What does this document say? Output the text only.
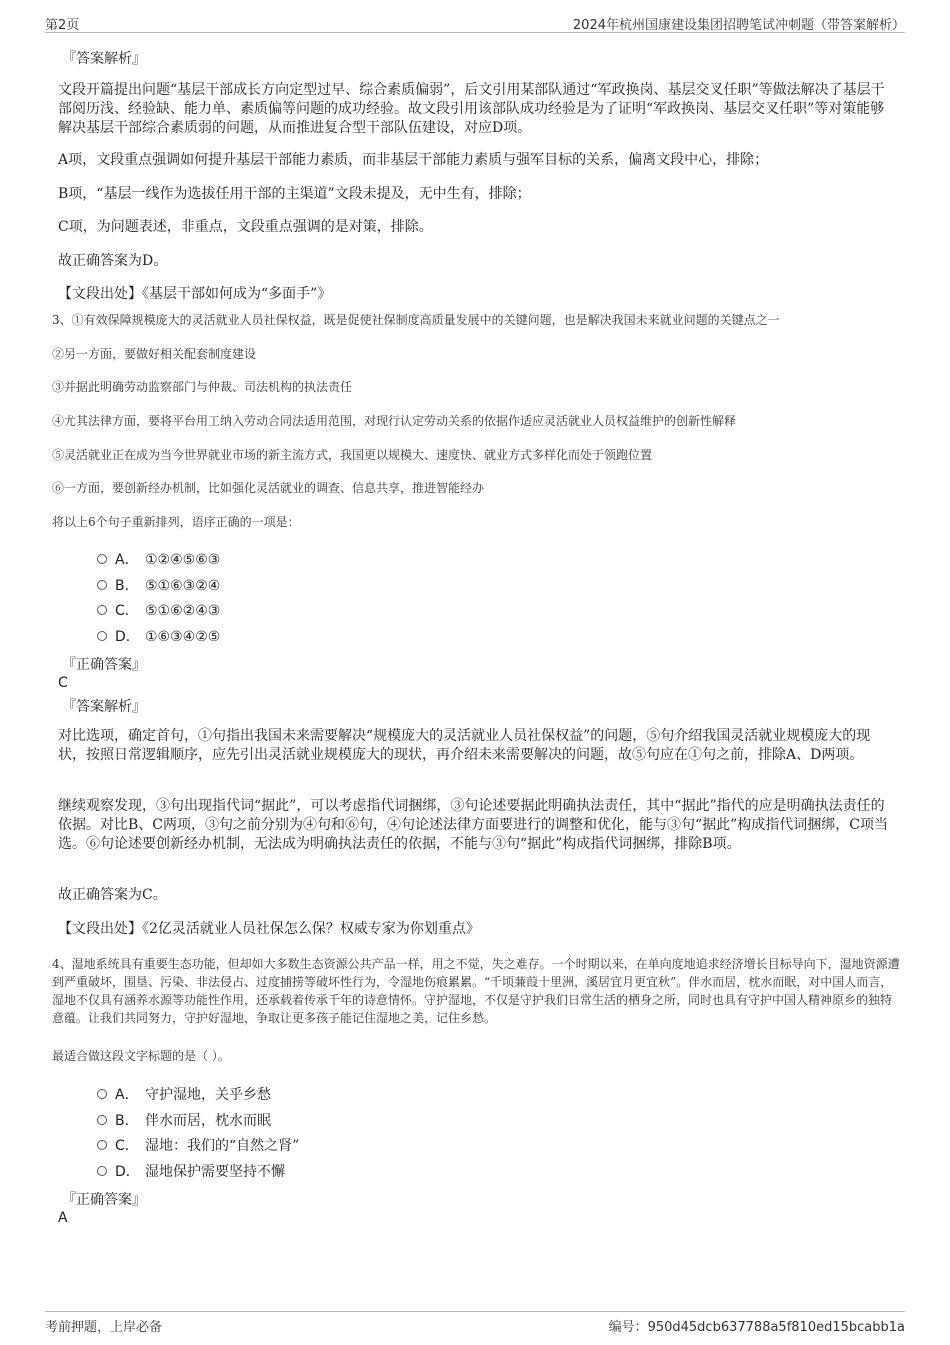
第2页	2024年杭州国康建设集团招聘笔试冲刺题（带答案解析）
『答案解析』
文段开篇提出问题“基层干部成长方向定型过早、综合素质偏弱”，后文引用某部队通过“军政换岗、基层交叉任职”等做法解决了基层干部阅历浅、经验缺、能力单、素质偏等问题的成功经验。故文段引用该部队成功经验是为了证明“军政换岗、基层交叉任职”等对策能够解决基层干部综合素质弱的问题，从而推进复合型干部队伍建设，对应D项。
A项，文段重点强调如何提升基层干部能力素质，而非基层干部能力素质与强军目标的关系，偏离文段中心，排除；
B项，“基层一线作为选拔任用干部的主渠道”文段未提及，无中生有，排除；
C项，为问题表述，非重点，文段重点强调的是对策，排除。
故正确答案为D。
【文段出处】《基层干部如何成为“多面手”》
3、①有效保障规模庞大的灵活就业人员社保权益，既是促使社保制度高质量发展中的关键问题，也是解决我国未来就业问题的关键点之一
②另一方面，要做好相关配套制度建设
③并据此明确劳动监察部门与仲裁、司法机构的执法责任
④尤其法律方面，要将平台用工纳入劳动合同法适用范围，对现行认定劳动关系的依据作适应灵活就业人员权益维护的创新性解释
⑤灵活就业正在成为当今世界就业市场的新主流方式，我国更以规模大、速度快、就业方式多样化而处于领跑位置
⑥一方面，要创新经办机制，比如强化灵活就业的调查、信息共享，推进智能经办
将以上6个句子重新排列，语序正确的一项是：
A． ①②④⑤⑥③
B． ⑤①⑥③②④
C． ⑤①⑥②④③
D． ①⑥③④②⑤
『正确答案』
C
『答案解析』
对比选项，确定首句，①句指出我国未来需要解决“规模庞大的灵活就业人员社保权益”的问题，⑤句介绍我国灵活就业规模庞大的现状，按照日常逻辑顺序，应先引出灵活就业规模庞大的现状，再介绍未来需要解决的问题，故⑤句应在①句之前，排除A、D两项。
继续观察发现，③句出现指代词“据此”，可以考虑指代词捆绑，③句论述要据此明确执法责任，其中“据此”指代的应是明确执法责任的依据。对比B、C两项，③句之前分别为④句和⑥句，④句论述法律方面要进行的调整和优化，能与③句“据此”构成指代词捆绑，C项当选。⑥句论述要创新经办机制，无法成为明确执法责任的依据，不能与③句“据此”构成指代词捆绑，排除B项。
故正确答案为C。
【文段出处】《2亿灵活就业人员社保怎么保？权威专家为你划重点》
4、湿地系统具有重要生态功能，但却如大多数生态资源公共产品一样，用之不觉，失之难存。一个时期以来，在单向度地追求经济增长目标导向下，湿地资源遭到严重破坏，围垦、污染、非法侵占、过度捕捞等破坏性行为，令湿地伤痕累累。“千顷蒹葭十里洲，溪居宜月更宜秋”。伴水而居，枕水而眠，对中国人而言，湿地不仅具有涵养水源等功能性作用，还承载着传承千年的诗意情怀。守护湿地，不仅是守护我们日常生活的栖身之所，同时也具有守护中国人精神原乡的独特意蕴。让我们共同努力，守护好湿地，争取让更多孩子能记住湿地之美，记住乡愁。
最适合做这段文字标题的是（ ）。
A． 守护湿地，关乎乡愁
B． 伴水而居，枕水而眠
C． 湿地：我们的“自然之肾”
D． 湿地保护需要坚持不懈
『正确答案』
A
考前押题，上岸必备	编号：950d45dcb637788a5f810ed15bcabb1a
